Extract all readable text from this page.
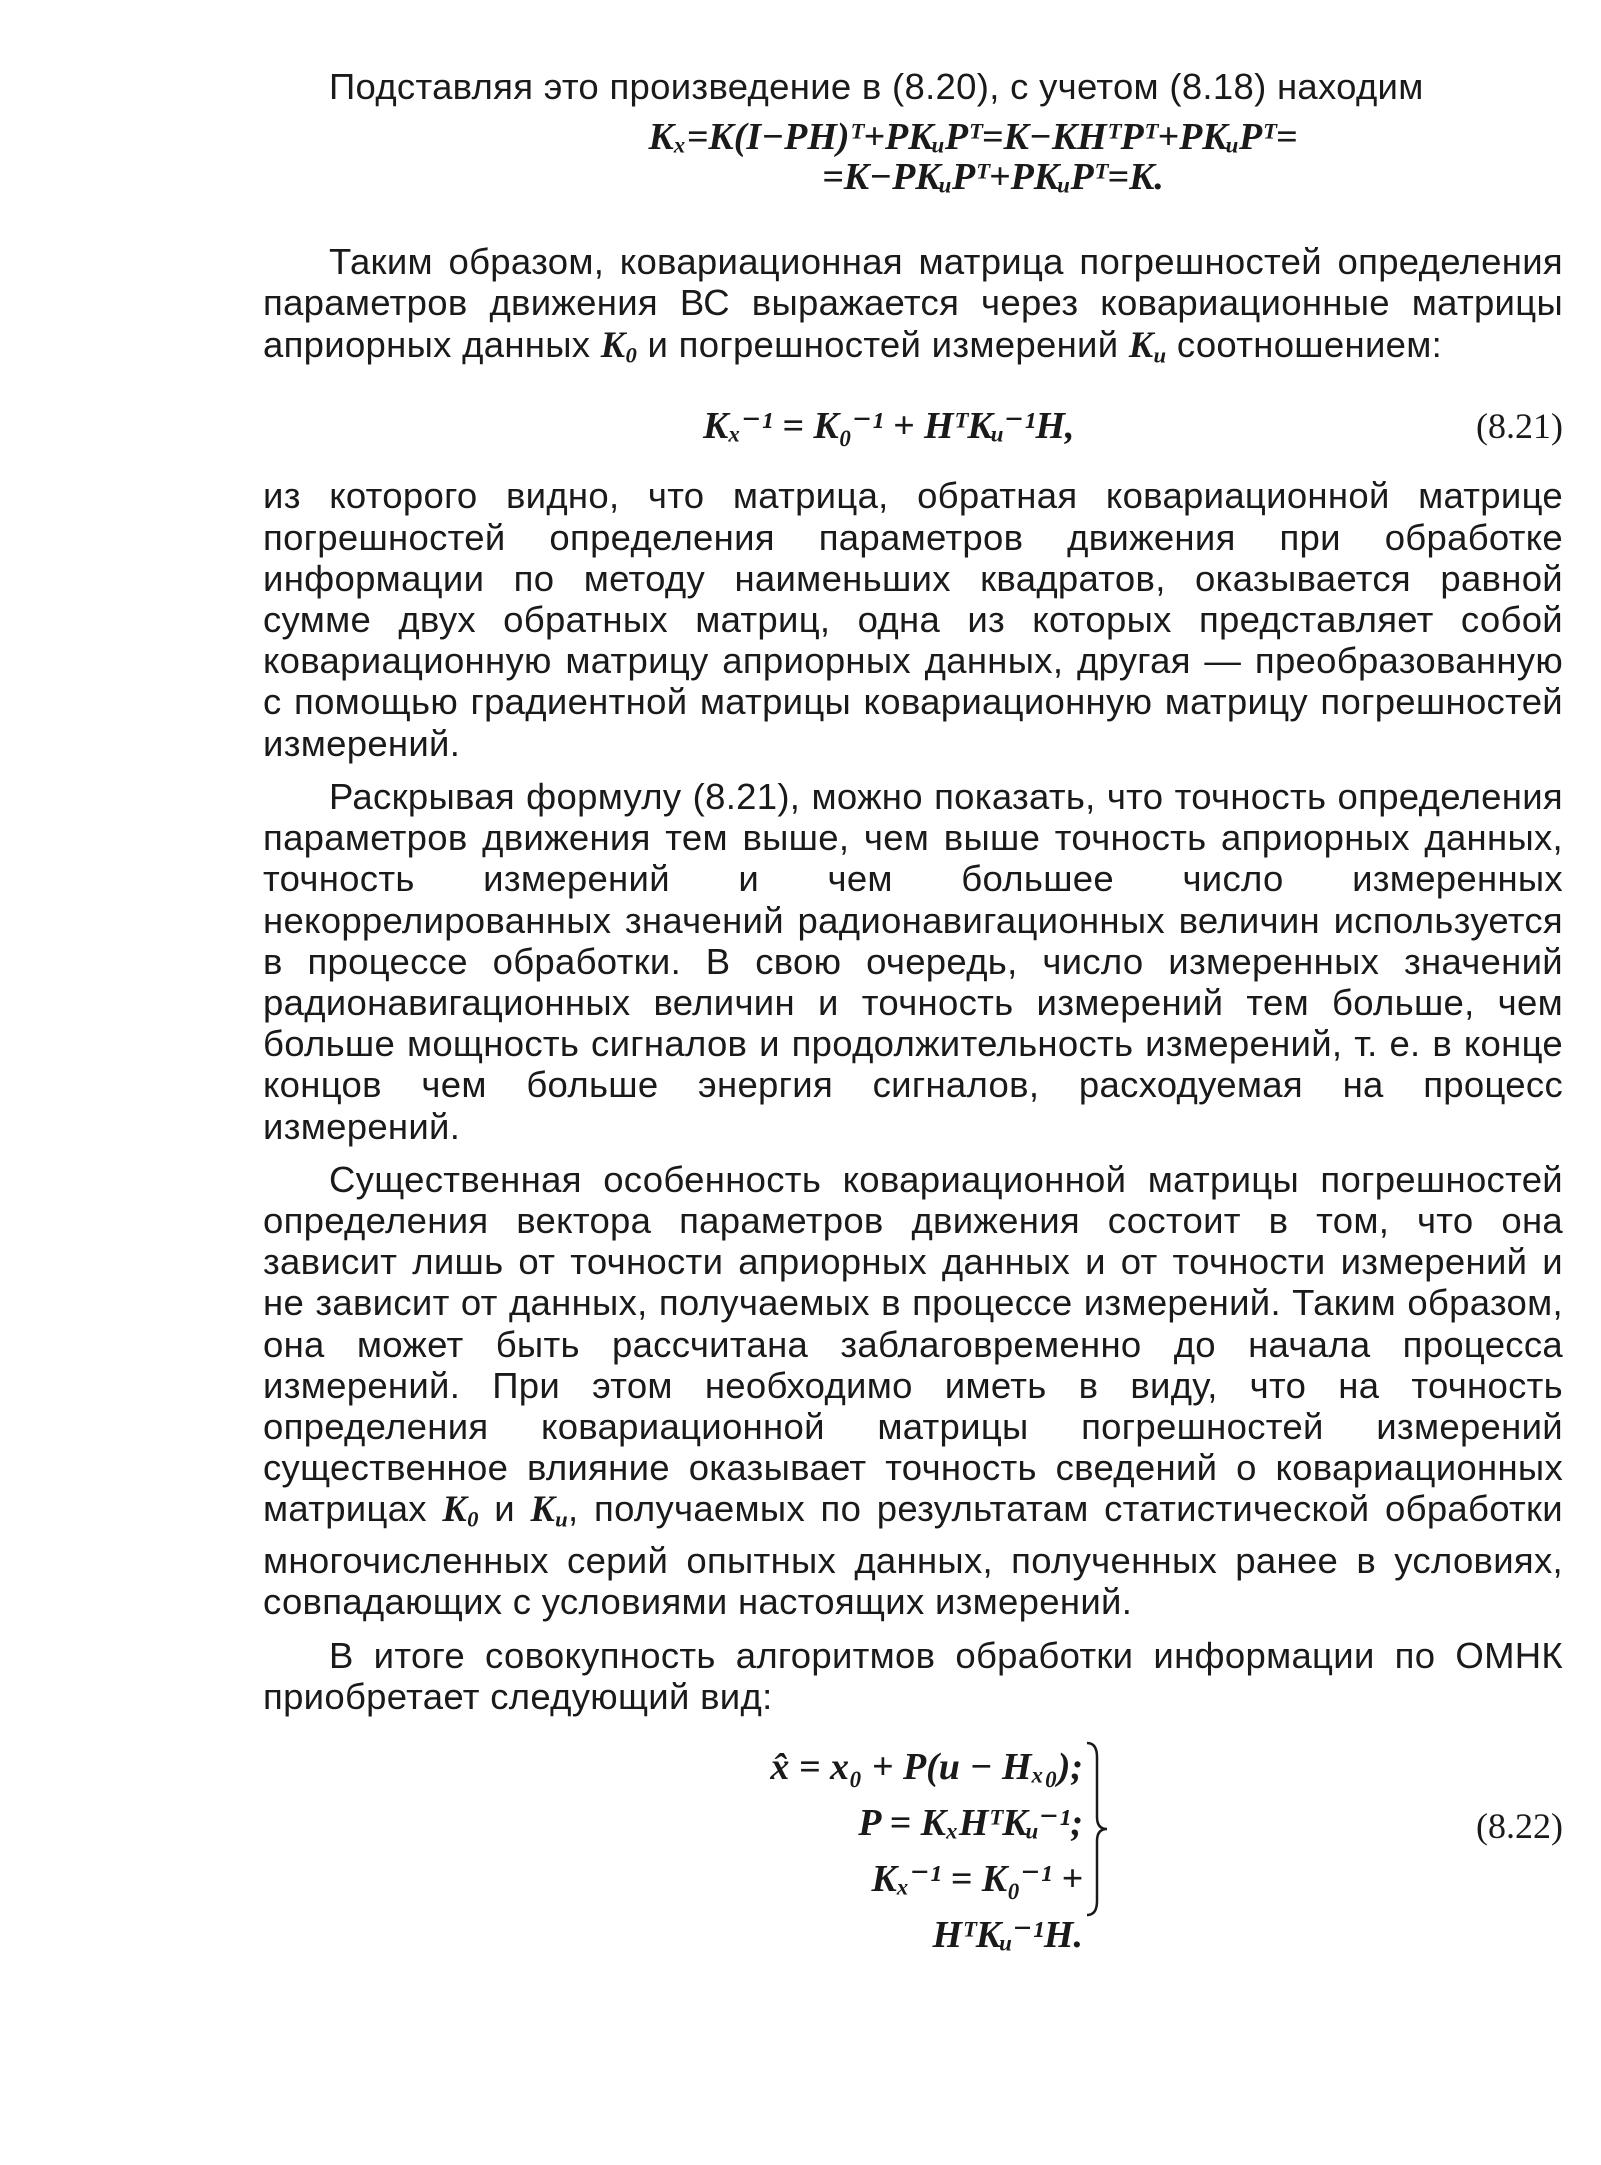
Подставляя это произведение в (8.20), с учетом (8.18) находим

Kₓ=K(I−PH)ᵀ+PKᵤPᵀ=K−KHᵀPᵀ+PKᵤPᵀ=
=K−PKᵤPᵀ+PKᵤPᵀ=K.

Таким образом, ковариационная матрица погрешностей определения параметров движения ВС выражается через ковариационные матрицы априорных данных $K_0$ и погрешностей измерений $K_и$ соотношением:

Kₓ⁻¹ = K₀⁻¹ + HᵀKᵤ⁻¹H,	(8.21)

из которого видно, что матрица, обратная ковариационной матрице погрешностей определения параметров движения при обработке информации по методу наименьших квадратов, оказывается равной сумме двух обратных матриц, одна из которых представляет собой ковариационную матрицу априорных данных, другая — преобразованную с помощью градиентной матрицы ковариационную матрицу погрешностей измерений.

Раскрывая формулу (8.21), можно показать, что точность определения параметров движения тем выше, чем выше точность априорных данных, точность измерений и чем большее число измеренных некоррелированных значений радионавигационных величин используется в процессе обработки. В свою очередь, число измеренных значений радионавигационных величин и точность измерений тем больше, чем больше мощность сигналов и продолжительность измерений, т. е. в конце концов чем больше энергия сигналов, расходуемая на процесс измерений.

Существенная особенность ковариационной матрицы погрешностей определения вектора параметров движения состоит в том, что она зависит лишь от точности априорных данных и от точности измерений и не зависит от данных, получаемых в процессе измерений. Таким образом, она может быть рассчитана заблаговременно до начала процесса измерений. При этом необходимо иметь в виду, что на точность определения ковариационной матрицы погрешностей измерений существенное влияние оказывает точность сведений о ковариационных матрицах $K_0$ и $K_u$, получаемых по результатам статистической обработки многочисленных серий опытных данных, полученных ранее в условиях, совпадающих с условиями настоящих измерений.

В итоге совокупность алгоритмов обработки информации по ОМНК приобретает следующий вид:

x̂ = x₀ + P(u − Hₓ₀);
P = KₓHᵀKᵤ⁻¹;
Kₓ⁻¹ = K₀⁻¹ + HᵀKᵤ⁻¹H.
(8.22)
